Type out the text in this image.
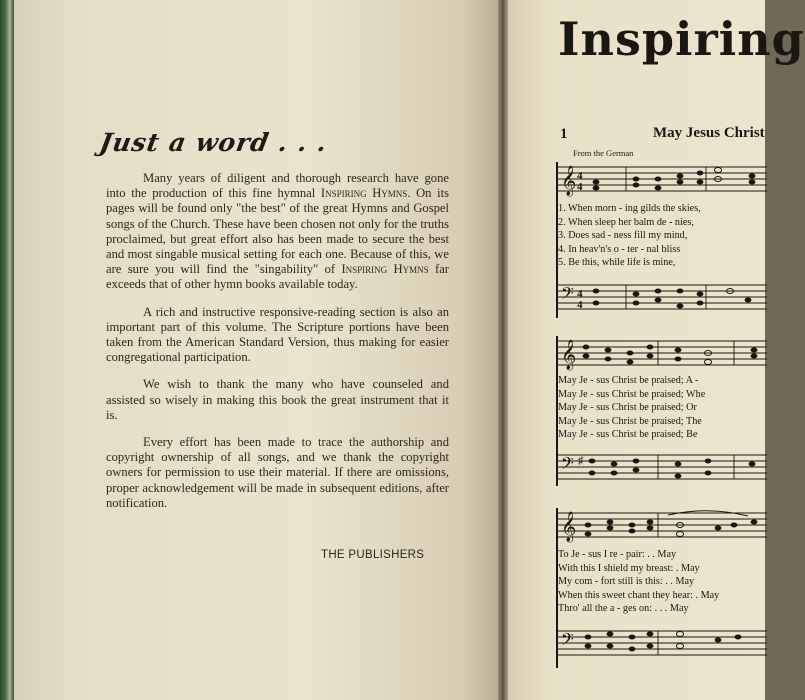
Just a word . . .

Many years of diligent and thorough research have gone into the production of this fine hymnal Inspiring Hymns. On its pages will be found only "the best" of the great Hymns and Gospel songs of the Church. These have been chosen not only for the truths proclaimed, but great effort also has been made to secure the best and most singable musical setting for each one. Because of this, we are sure you will find the "singability" of Inspiring Hymns far exceeds that of other hymn books available today.

A rich and instructive responsive-reading section is also an important part of this volume. The Scripture portions have been taken from the American Standard Version, thus making for easier congregational participation.

We wish to thank the many who have counseled and assisted so wisely in making this book the great instrument that it is.

Every effort has been made to trace the authorship and copyright ownership of all songs, and we thank the copyright owners for permission to use their material. If there are omissions, proper acknowledgement will be made in subsequent editions, after notification.

THE PUBLISHERS
Inspiring
1	May Jesus Christ
From the German
𝄞 4
4
1. When morn - ing gilds the skies,
2. When sleep her balm de - nies,
3. Does sad - ness fill my mind,
4. In heav'n's o - ter - nal bliss
5. Be this, while life is mine,
𝄢 4
4
𝄞
May Je - sus Christ be praised; A -
May Je - sus Christ be praised; Whe
May Je - sus Christ be praised; Or
May Je - sus Christ be praised; The
May Je - sus Christ be praised; Be
𝄢 ♯
𝄞
To Je - sus I re - pair: . . May
With this I shield my breast: . May
My com - fort still is this: . . May
When this sweet chant they hear: . May
Thro' all the a - ges on: . . . May
𝄢
